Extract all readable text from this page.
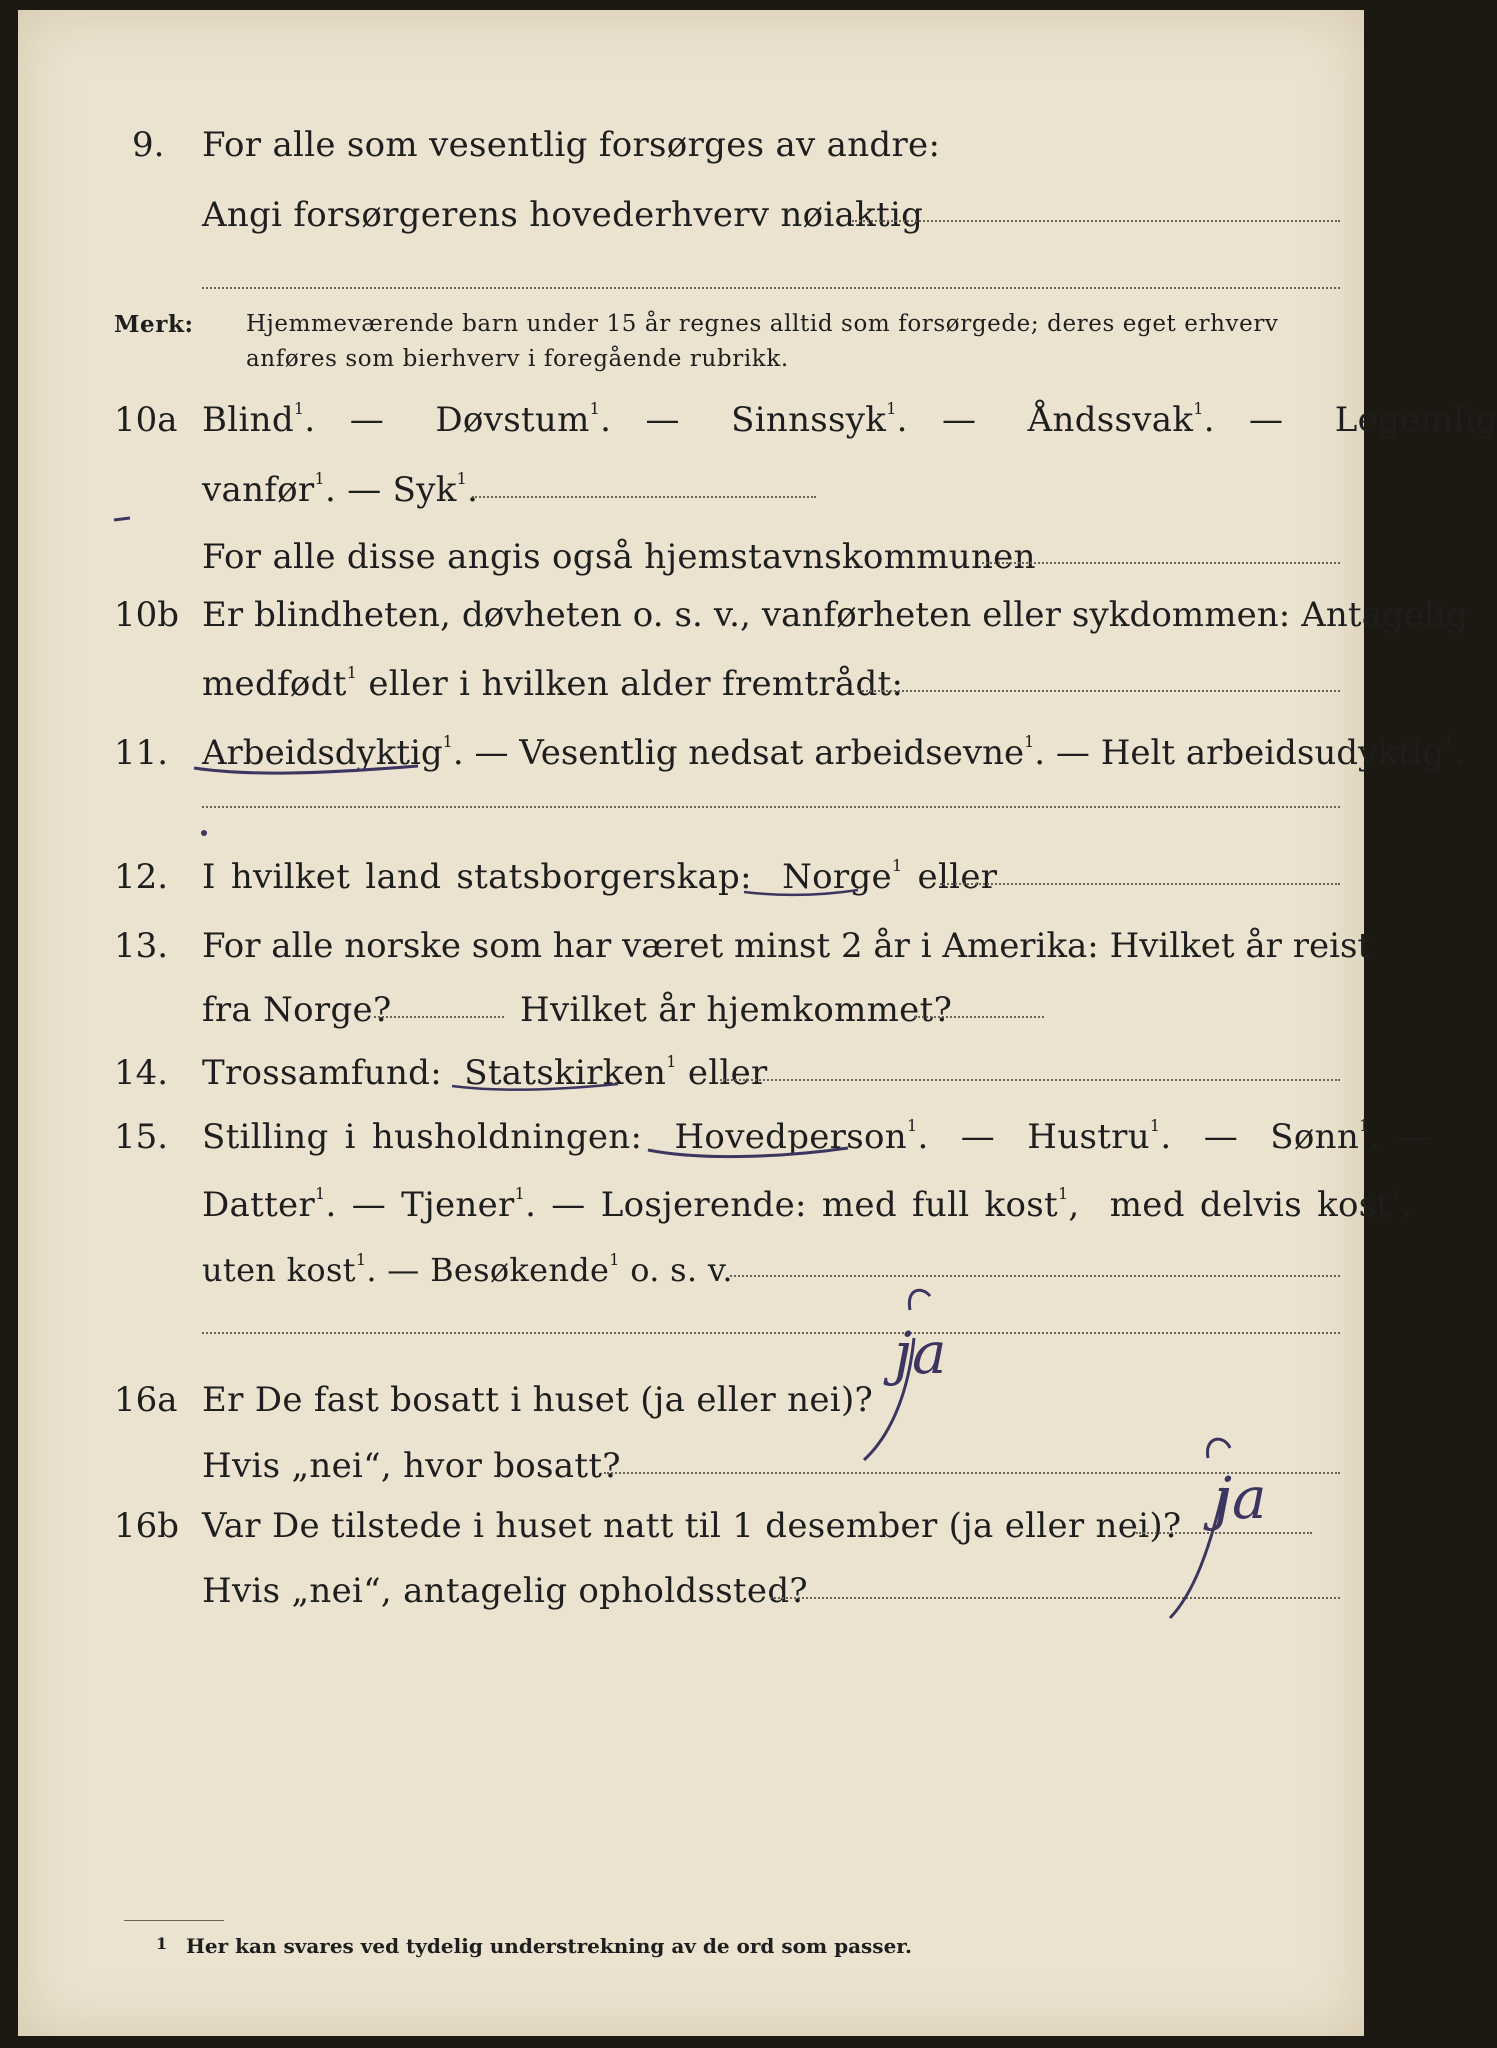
9. For alle som vesentlig forsørges av andre:
Angi forsørgerens hovederhverv nøiaktig
Merk: Hjemmeværende barn under 15 år regnes alltid som forsørgede; deres eget erhverv
anføres som bierhverv i foregående rubrikk.
10a Blind$^1$.  — Døvstum$^1$.  — Sinnssyk$^1$.  — Åndssvak$^1$.  — Legemlig
vanfør$^1$. — Syk$^1$.
For alle disse angis også hjemstavnskommunen
10b Er blindheten, døvheten o. s. v., vanførheten eller sykdommen: Antagelig
medfødt$^1$ eller i hvilken alder fremtrådt:
11. Arbeidsdyktig$^1$. — Vesentlig nedsat arbeidsevne$^1$. — Helt arbeidsudyktig$^1$.
12. I hvilket land statsborgerskap: Norge$^1$ eller
13. For alle norske som har været minst 2 år i Amerika: Hvilket år reist
fra Norge?	Hvilket år hjemkommet?
14. Trossamfund: Statskirken$^1$ eller
15. Stilling i husholdningen: Hovedperson$^1$.  — Hustru$^1$.  — Sønn$^1$. —
Datter$^1$. — Tjener$^1$. — Losjerende: med full kost$^1$,  med delvis kost$^1$,
uten kost$^1$. — Besøkende$^1$ o. s. v.
16a Er De fast bosatt i huset (ja eller nei)?
Hvis „nei“, hvor bosatt?
16b Var De tilstede i huset natt til 1 desember (ja eller nei)?
Hvis „nei“, antagelig opholdssted?
1 Her kan svares ved tydelig understrekning av de ord som passer.
ja
ja
